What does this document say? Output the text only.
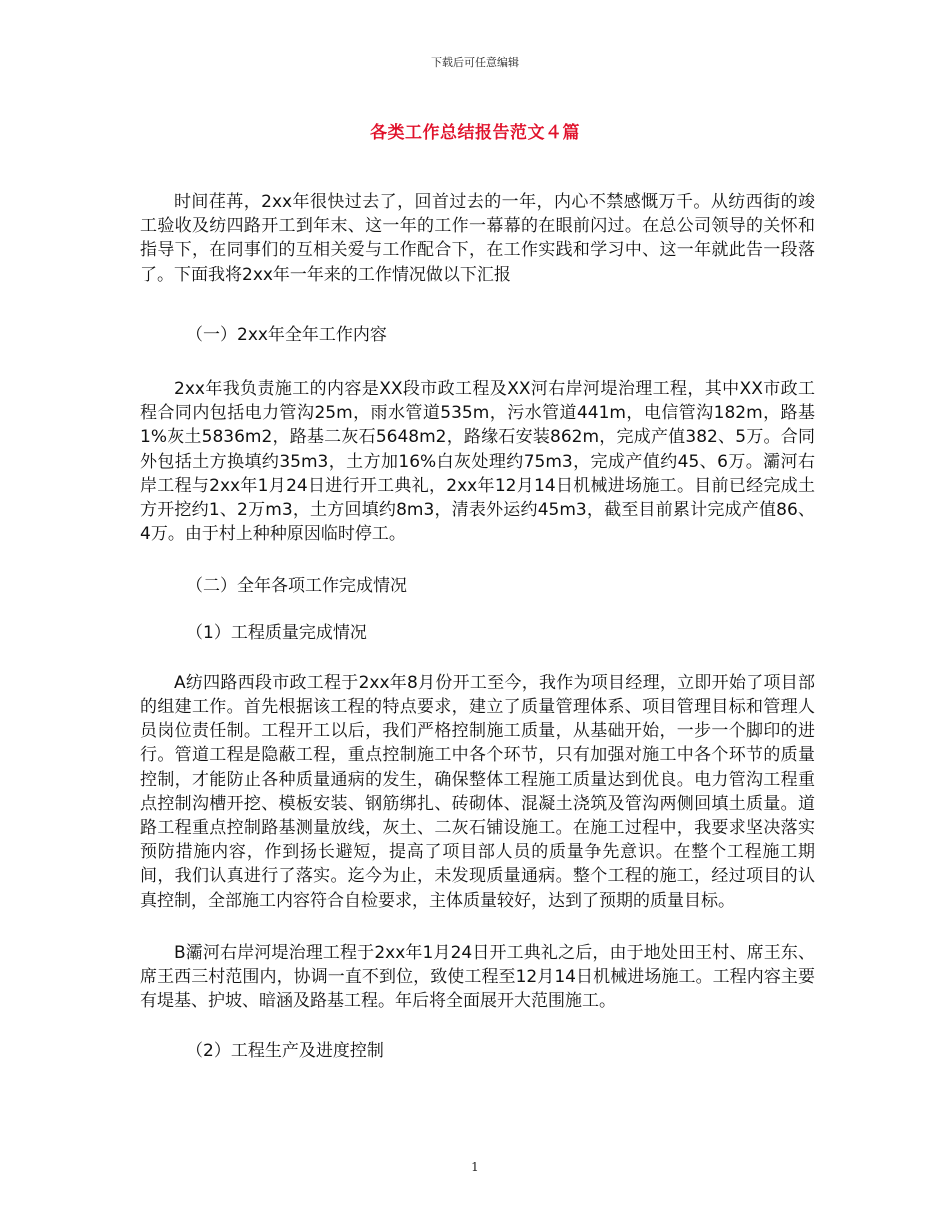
下载后可任意编辑
各类工作总结报告范文４篇

时间荏苒，2xx年很快过去了，回首过去的一年，内心不禁感慨万千。从纺西街的竣工验收及纺四路开工到年末、这一年的工作一幕幕的在眼前闪过。在总公司领导的关怀和指导下，在同事们的互相关爱与工作配合下，在工作实践和学习中、这一年就此告一段落了。下面我将2xx年一年来的工作情况做以下汇报

（一）2xx年全年工作内容

2xx年我负责施工的内容是XX段市政工程及XX河右岸河堤治理工程，其中XX市政工程合同内包括电力管沟25m，雨水管道535m，污水管道441m，电信管沟182m，路基1%灰土5836m2，路基二灰石5648m2，路缘石安装862m，完成产值382、5万。合同外包括土方换填约35m3，土方加16%白灰处理约75m3，完成产值约45、6万。灞河右岸工程与2xx年1月24日进行开工典礼，2xx年12月14日机械进场施工。目前已经完成土方开挖约1、2万m3，土方回填约8m3，清表外运约45m3，截至目前累计完成产值86、4万。由于村上种种原因临时停工。

（二）全年各项工作完成情况

（1）工程质量完成情况

A纺四路西段市政工程于2xx年8月份开工至今，我作为项目经理，立即开始了项目部的组建工作。首先根据该工程的特点要求，建立了质量管理体系、项目管理目标和管理人员岗位责任制。工程开工以后，我们严格控制施工质量，从基础开始，一步一个脚印的进行。管道工程是隐蔽工程，重点控制施工中各个环节，只有加强对施工中各个环节的质量控制，才能防止各种质量通病的发生，确保整体工程施工质量达到优良。电力管沟工程重点控制沟槽开挖、模板安装、钢筋绑扎、砖砌体、混凝土浇筑及管沟两侧回填土质量。道路工程重点控制路基测量放线，灰土、二灰石铺设施工。在施工过程中，我要求坚决落实预防措施内容，作到扬长避短，提高了项目部人员的质量争先意识。在整个工程施工期间，我们认真进行了落实。迄今为止，未发现质量通病。整个工程的施工，经过项目的认真控制，全部施工内容符合自检要求，主体质量较好，达到了预期的质量目标。

B灞河右岸河堤治理工程于2xx年1月24日开工典礼之后，由于地处田王村、席王东、席王西三村范围内，协调一直不到位，致使工程至12月14日机械进场施工。工程内容主要有堤基、护坡、暗涵及路基工程。年后将全面展开大范围施工。

（2）工程生产及进度控制

1
